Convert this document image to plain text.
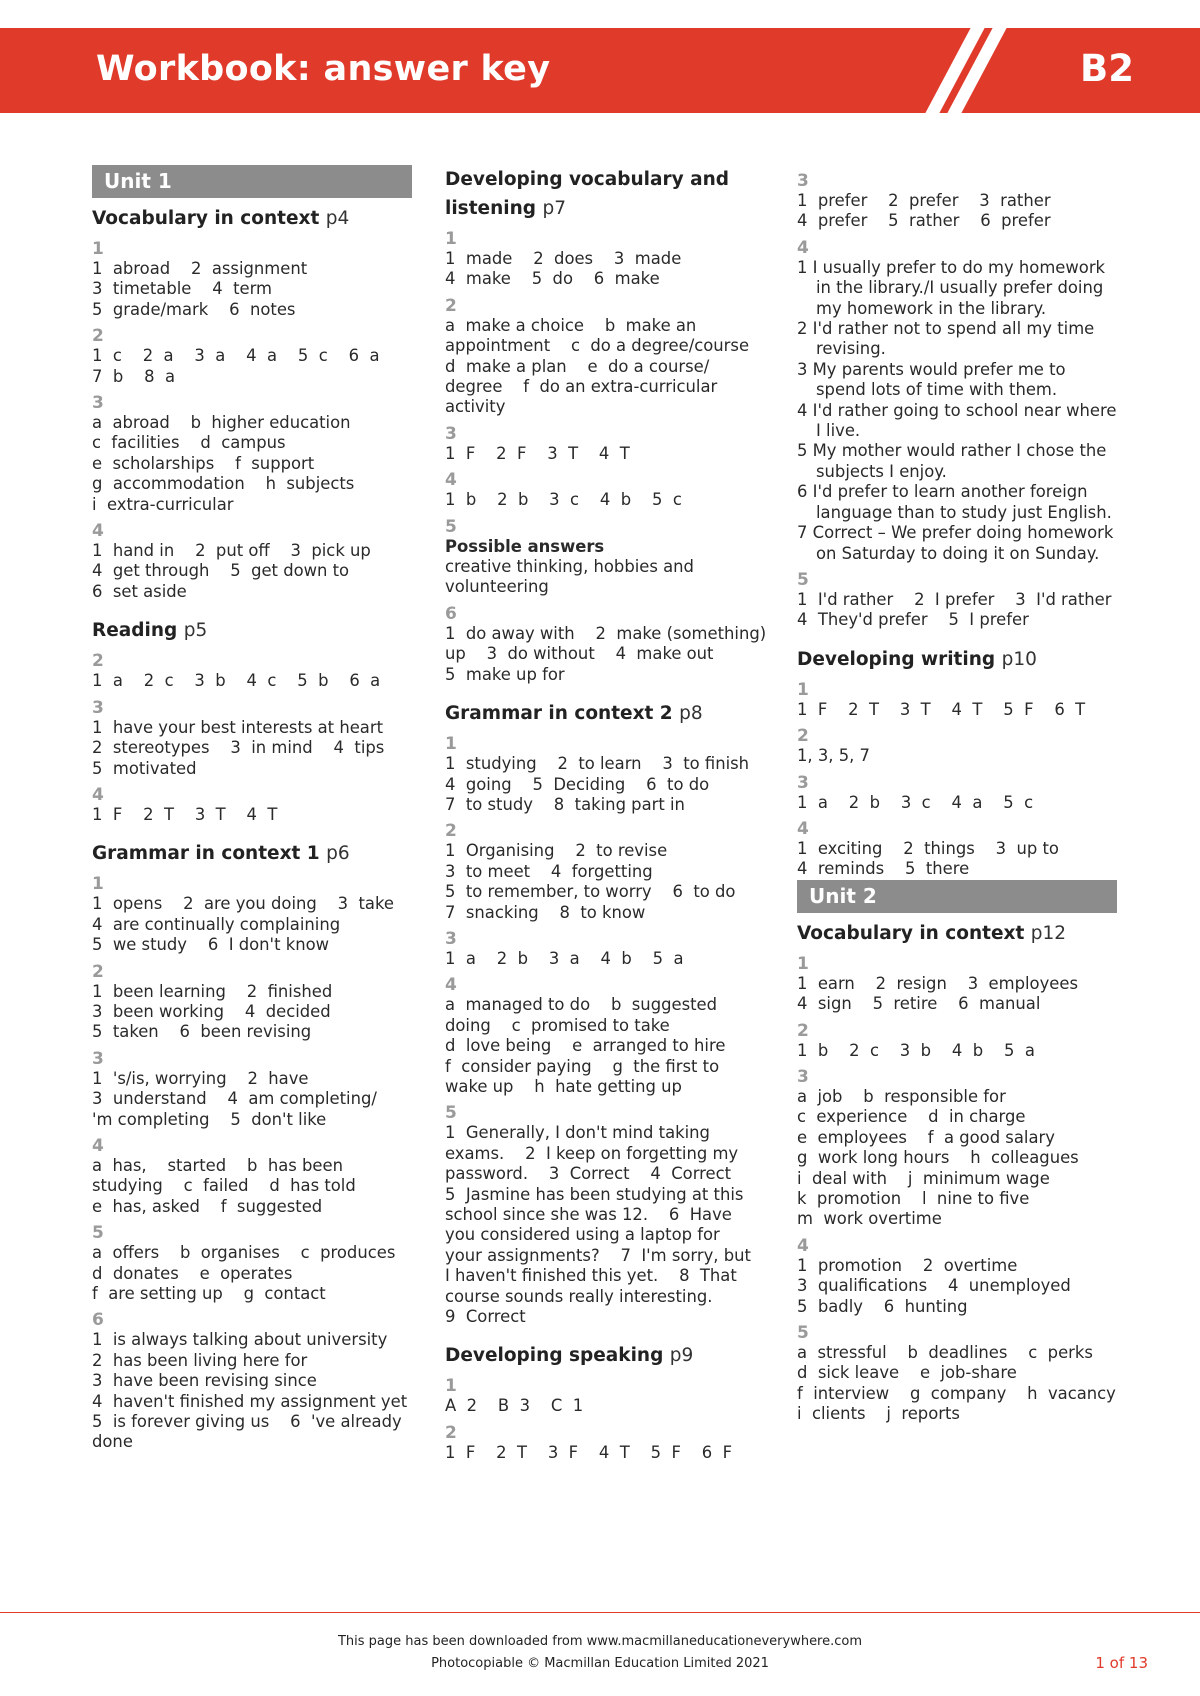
Workbook: answer key	B2
Unit 1
Vocabulary in context p4
1
1  abroad    2  assignment
3  timetable    4  term
5  grade/mark    6  notes
2
1  c    2  a    3  a    4  a    5  c    6  a
7  b    8  a
3
a  abroad    b  higher education
c  facilities    d  campus
e  scholarships    f  support
g  accommodation    h  subjects
i  extra-curricular
4
1  hand in    2  put off    3  pick up
4  get through    5  get down to
6  set aside
Reading p5
2
1  a    2  c    3  b    4  c    5  b    6  a
3
1  have your best interests at heart
2  stereotypes    3  in mind    4  tips
5  motivated
4
1  F    2  T    3  T    4  T
Grammar in context 1 p6
1
1  opens    2  are you doing    3  take
4  are continually complaining
5  we study    6  I don't know
2
1  been learning    2  finished
3  been working    4  decided
5  taken    6  been revising
3
1  's/is, worrying    2  have
3  understand    4  am completing/
'm completing    5  don't like
4
a  has,    started    b  has been
studying    c  failed    d  has told
e  has, asked    f  suggested
5
a  offers    b  organises    c  produces
d  donates    e  operates
f  are setting up    g  contact
6
1  is always talking about university
2  has been living here for
3  have been revising since
4  haven't finished my assignment yet
5  is forever giving us    6  've already
done
Developing vocabulary and listening p7
1
1  made    2  does    3  made
4  make    5  do    6  make
2
a  make a choice    b  make an
appointment    c  do a degree/course
d  make a plan    e  do a course/
degree    f  do an extra-curricular
activity
3
1  F    2  F    3  T    4  T
4
1  b    2  b    3  c    4  b    5  c
5
Possible answers
creative thinking, hobbies and
volunteering
6
1  do away with    2  make (something)
up    3  do without    4  make out
5  make up for
Grammar in context 2 p8
1
1  studying    2  to learn    3  to finish
4  going    5  Deciding    6  to do
7  to study    8  taking part in
2
1  Organising    2  to revise
3  to meet    4  forgetting
5  to remember, to worry    6  to do
7  snacking    8  to know
3
1  a    2  b    3  a    4  b    5  a
4
a  managed to do    b  suggested
doing    c  promised to take
d  love being    e  arranged to hire
f  consider paying    g  the first to
wake up    h  hate getting up
5
1  Generally, I don't mind taking
exams.    2  I keep on forgetting my
password.    3  Correct    4  Correct
5  Jasmine has been studying at this
school since she was 12.    6  Have
you considered using a laptop for
your assignments?    7  I'm sorry, but
I haven't finished this yet.    8  That
course sounds really interesting.
9  Correct
Developing speaking p9
1
A  2    B  3    C  1
2
1  F    2  T    3  F    4  T    5  F    6  F
3
1  prefer    2  prefer    3  rather
4  prefer    5  rather    6  prefer
4
1 I usually prefer to do my homework in the library./I usually prefer doing my homework in the library.
2 I'd rather not to spend all my time revising.
3 My parents would prefer me to spend lots of time with them.
4 I'd rather going to school near where I live.
5 My mother would rather I chose the subjects I enjoy.
6 I'd prefer to learn another foreign language than to study just English.
7 Correct – We prefer doing homework on Saturday to doing it on Sunday.
5
1  I'd rather    2  I prefer    3  I'd rather
4  They'd prefer    5  I prefer
Developing writing p10
1
1  F    2  T    3  T    4  T    5  F    6  T
2
1, 3, 5, 7
3
1  a    2  b    3  c    4  a    5  c
4
1  exciting    2  things    3  up to
4  reminds    5  there
Unit 2
Vocabulary in context p12
1
1  earn    2  resign    3  employees
4  sign    5  retire    6  manual
2
1  b    2  c    3  b    4  b    5  a
3
a  job    b  responsible for
c  experience    d  in charge
e  employees    f  a good salary
g  work long hours    h  colleagues
i  deal with    j  minimum wage
k  promotion    l  nine to five
m  work overtime
4
1  promotion    2  overtime
3  qualifications    4  unemployed
5  badly    6  hunting
5
a  stressful    b  deadlines    c  perks
d  sick leave    e  job-share
f  interview    g  company    h  vacancy
i  clients    j  reports
This page has been downloaded from www.macmillaneducationeverywhere.com
Photocopiable © Macmillan Education Limited 2021	1 of 13
